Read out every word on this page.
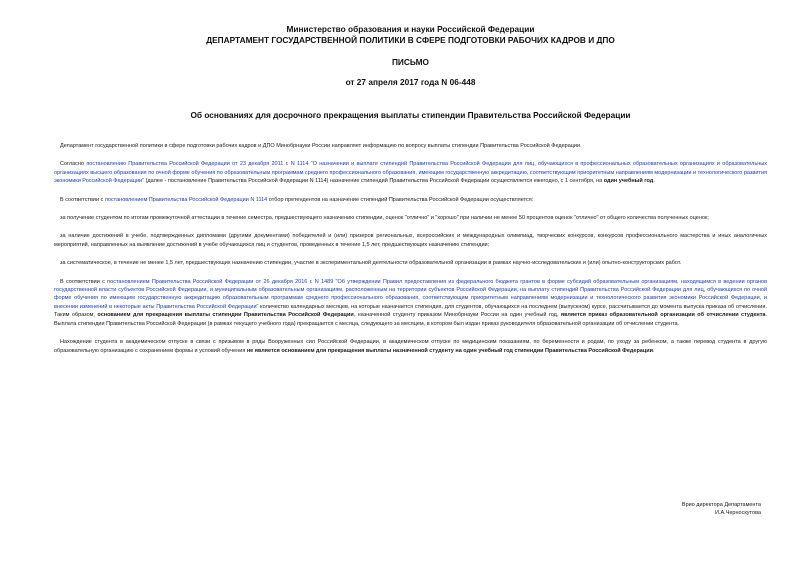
Министерство образования и науки Российской Федерации
ДЕПАРТАМЕНТ ГОСУДАРСТВЕННОЙ ПОЛИТИКИ В СФЕРЕ ПОДГОТОВКИ РАБОЧИХ КАДРОВ И ДПО
ПИСЬМО
от 27 апреля 2017 года N 06-448
Об основаниях для досрочного прекращения выплаты стипендии Правительства Российской Федерации

Департамент государственной политики в сфере подготовки рабочих кадров и ДПО Минобрнауки России направляет информацию по вопросу выплаты стипендии Правительства Российской Федерации.

Согласно постановлению Правительства Российской Федерации от 23 декабря 2011 г. N 1114 "О назначении и выплате стипендий Правительства Российской Федерации для лиц, обучающихся в профессиональных образовательных организациях и образовательных организациях высшего образования по очной форме обучения по образовательным программам среднего профессионального образования, имеющим государственную аккредитацию, соответствующим приоритетным направлениям модернизации и технологического развития экономики Российской Федерации" (далее - постановление Правительства Российской Федерации N 1114) назначение стипендий Правительства Российской Федерации осуществляется ежегодно, с 1 сентября, на один учебный год.

В соответствии с постановлением Правительства Российской Федерации N 1114 отбор претендентов на назначение стипендий Правительства Российской Федерации осуществляется:

за получение студентом по итогам промежуточной аттестации в течение семестра, предшествующего назначению стипендии, оценок "отлично" и "хорошо" при наличии не менее 50 процентов оценок "отлично" от общего количества полученных оценок;

за наличие достижений в учебе, подтвержденных дипломами (другими документами) победителей и (или) призеров региональных, всероссийских и международных олимпиад, творческих конкурсов, конкурсов профессионального мастерства и иных аналогичных мероприятий, направленных на выявление достижений в учебе обучающихся лиц и студентов, проведенных в течение 1,5 лет, предшествующих назначению стипендии;

за систематическое, в течение не менее 1,5 лет, предшествующих назначению стипендии, участие в экспериментальной деятельности образовательной организации в рамках научно-исследовательских и (или) опытно-конструкторских работ.

В соответствии с постановлением Правительства Российской Федерации от 26 декабря 2016 г. N 1489 "Об утверждении Правил предоставления из федерального бюджета грантов в форме субсидий образовательным организациям, находящимся в ведении органов государственной власти субъектов Российской Федерации, и муниципальным образовательным организациям, расположенным на территории субъектов Российской Федерации, на выплату стипендий Правительства Российской Федерации для лиц, обучающихся по очной форме обучения по имеющим государственную аккредитацию образовательным программам среднего профессионального образования, соответствующим приоритетным направлениям модернизации и технологического развития экономики Российской Федерации, и внесении изменений в некоторые акты Правительства Российской Федерации" количество календарных месяцев, на которые назначается стипендия, для студентов, обучающихся на последнем (выпускном) курсе, рассчитывается до момента выпуска приказа об отчислении. Таким образом, основанием для прекращения выплаты стипендии Правительства Российской Федерации, назначенной студенту приказом Минобрнауки России на один учебный год, является приказ образовательной организации об отчислении студента. Выплата стипендии Правительства Российской Федерации (в рамках текущего учебного года) прекращается с месяца, следующего за месяцем, в котором был издан приказ руководителя образовательной организации об отчислении студента.

Нахождение студента в академическом отпуске в связи с призывом в ряды Вооруженных сил Российской Федерации, в академическом отпуске по медицинским показаниям, по беременности и родам, по уходу за ребенком, а также перевод студента в другую образовательную организацию с сохранением формы и условий обучения не является основанием для прекращения выплаты назначенной студенту на один учебный год стипендии Правительства Российской Федерации.

Врио директора Департамента
И.А.Черноскутова
